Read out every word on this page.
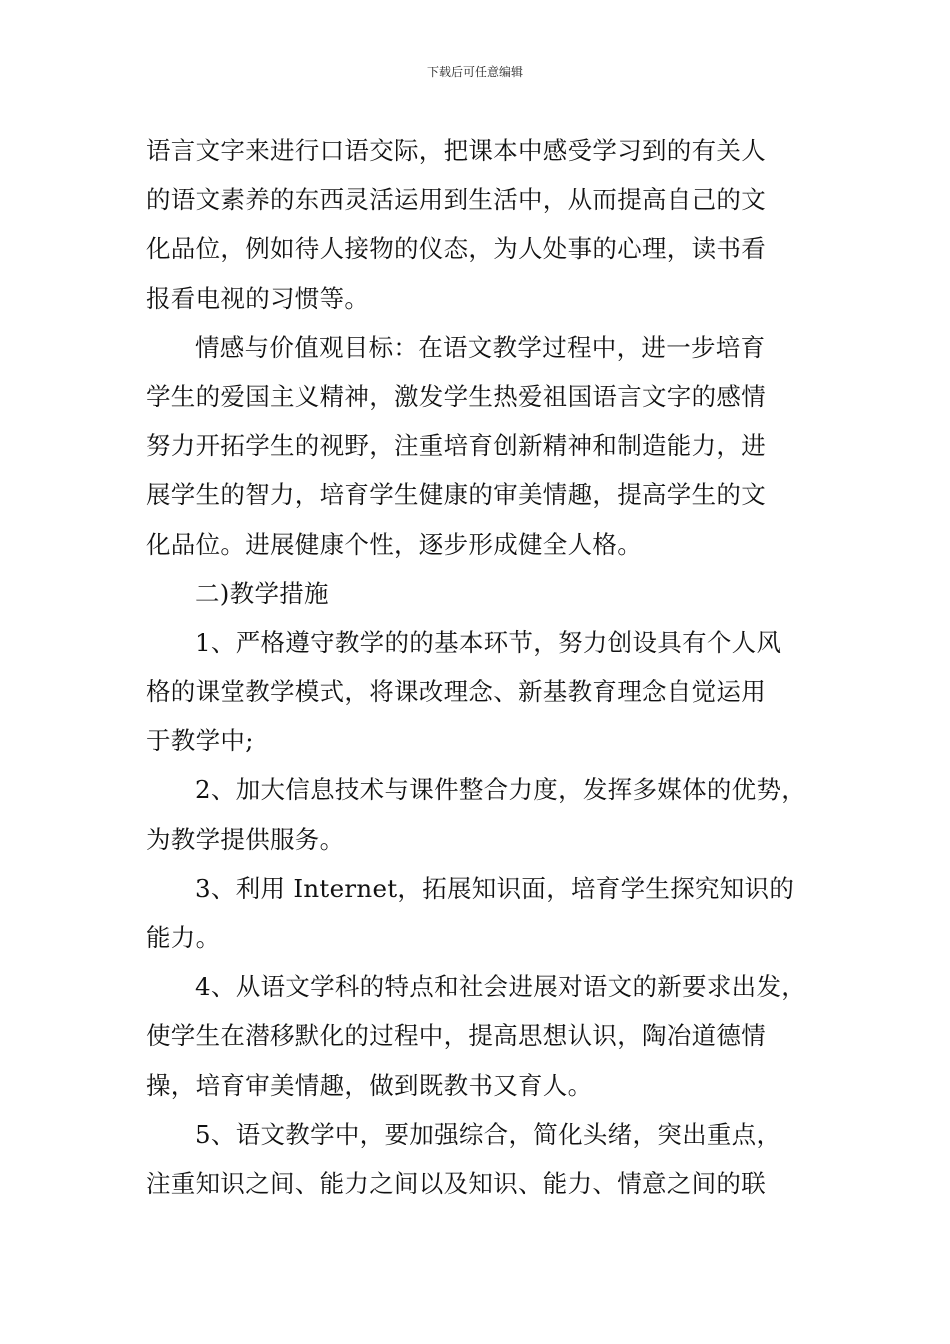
下载后可任意编辑
语言文字来进行口语交际，把课本中感受学习到的有关人
的语文素养的东西灵活运用到生活中，从而提高自己的文
化品位，例如待人接物的仪态，为人处事的心理，读书看
报看电视的习惯等。
情感与价值观目标：在语文教学过程中，进一步培育
学生的爱国主义精神，激发学生热爱祖国语言文字的感情
努力开拓学生的视野，注重培育创新精神和制造能力，进
展学生的智力，培育学生健康的审美情趣，提高学生的文
化品位。进展健康个性，逐步形成健全人格。
二)教学措施
1、严格遵守教学的的基本环节，努力创设具有个人风
格的课堂教学模式，将课改理念、新基教育理念自觉运用
于教学中;
2、加大信息技术与课件整合力度，发挥多媒体的优势，
为教学提供服务。
3、利用 Internet，拓展知识面，培育学生探究知识的
能力。
4、从语文学科的特点和社会进展对语文的新要求出发，
使学生在潜移默化的过程中，提高思想认识，陶冶道德情
操，培育审美情趣，做到既教书又育人。
5、语文教学中，要加强综合，简化头绪，突出重点，
注重知识之间、能力之间以及知识、能力、情意之间的联
